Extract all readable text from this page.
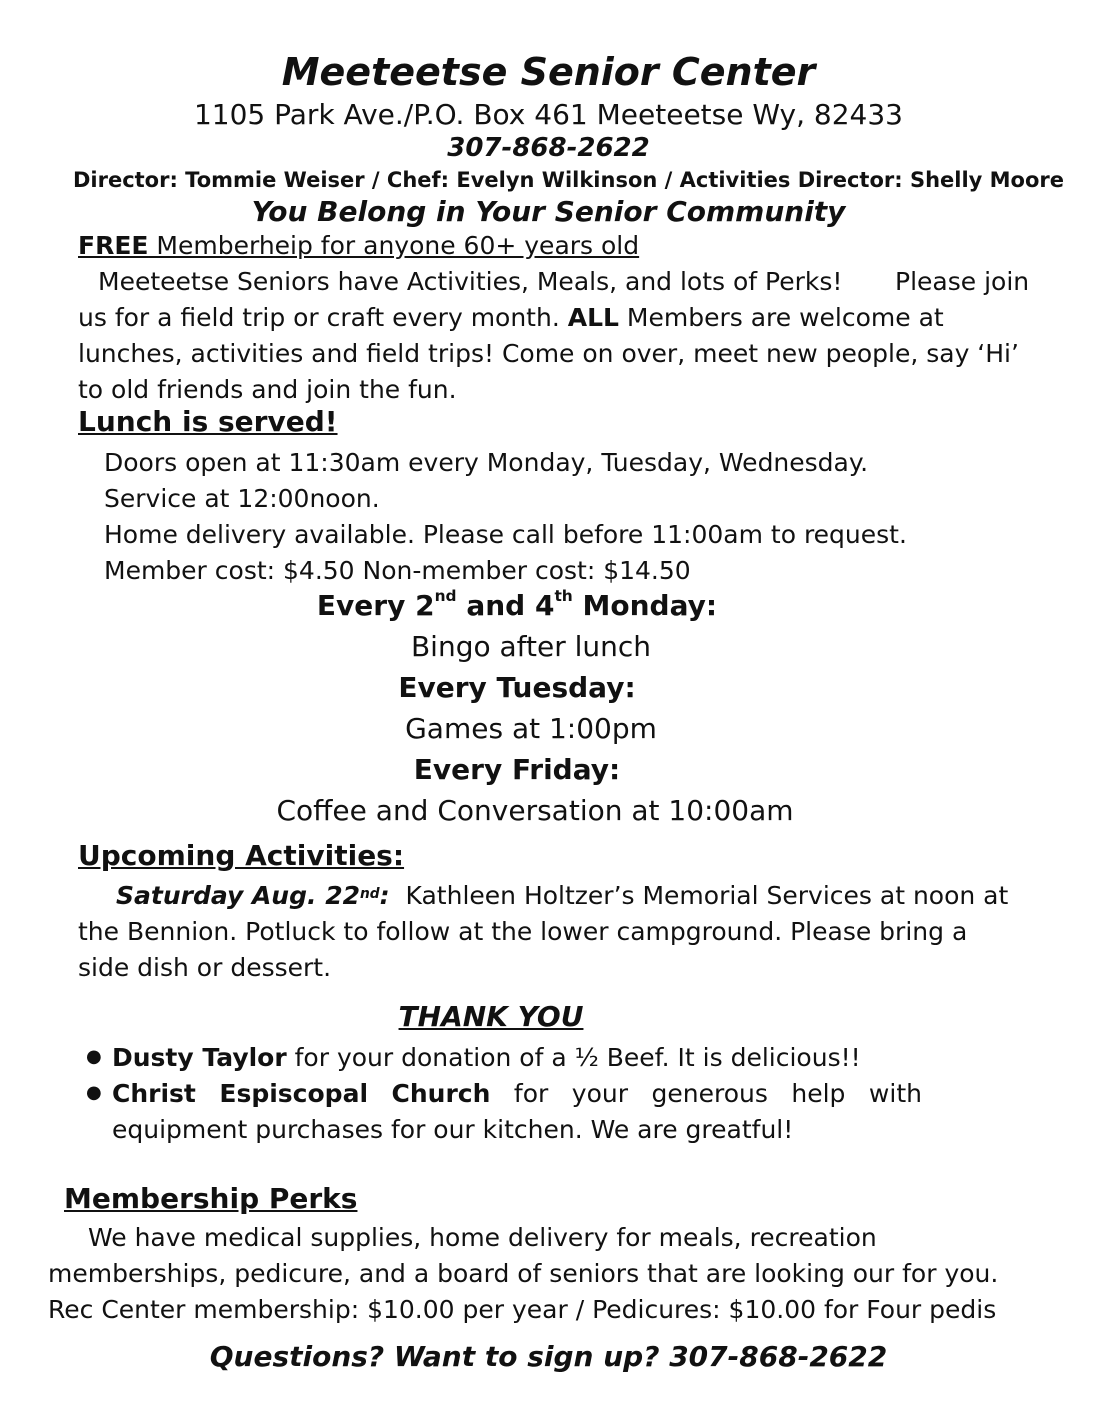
Meeteetse Senior Center
1105 Park Ave./P.O. Box 461 Meeteetse Wy, 82433
307-868-2622
Director: Tommie Weiser / Chef: Evelyn Wilkinson / Activities Director: Shelly Moore
You Belong in Your Senior Community
FREE Memberheip for anyone 60+ years old
Meeteetse Seniors have Activities, Meals, and lots of Perks! Please join
us for a field trip or craft every month. ALL Members are welcome at
lunches, activities and field trips! Come on over, meet new people, say ‘Hi’
to old friends and join the fun.
Lunch is served!
Doors open at 11:30am every Monday, Tuesday, Wednesday.
Service at 12:00noon.
Home delivery available. Please call before 11:00am to request.
Member cost: $4.50 Non-member cost: $14.50
Every 2nd and 4th Monday:
Bingo after lunch
Every Tuesday:
Games at 1:00pm
Every Friday:
Coffee and Conversation at 10:00am
Upcoming Activities:
Saturday Aug. 22nd:  Kathleen Holtzer’s Memorial Services at noon at
the Bennion. Potluck to follow at the lower campground. Please bring a
side dish or dessert.
THANK YOU
● Dusty Taylor for your donation of a ½ Beef. It is delicious!!
● Christ Espiscopal Church for your generous help with
equipment purchases for our kitchen. We are greatful!
Membership Perks
We have medical supplies, home delivery for meals, recreation
memberships, pedicure, and a board of seniors that are looking our for you.
Rec Center membership: $10.00 per year / Pedicures: $10.00 for Four pedis
Questions? Want to sign up? 307-868-2622
